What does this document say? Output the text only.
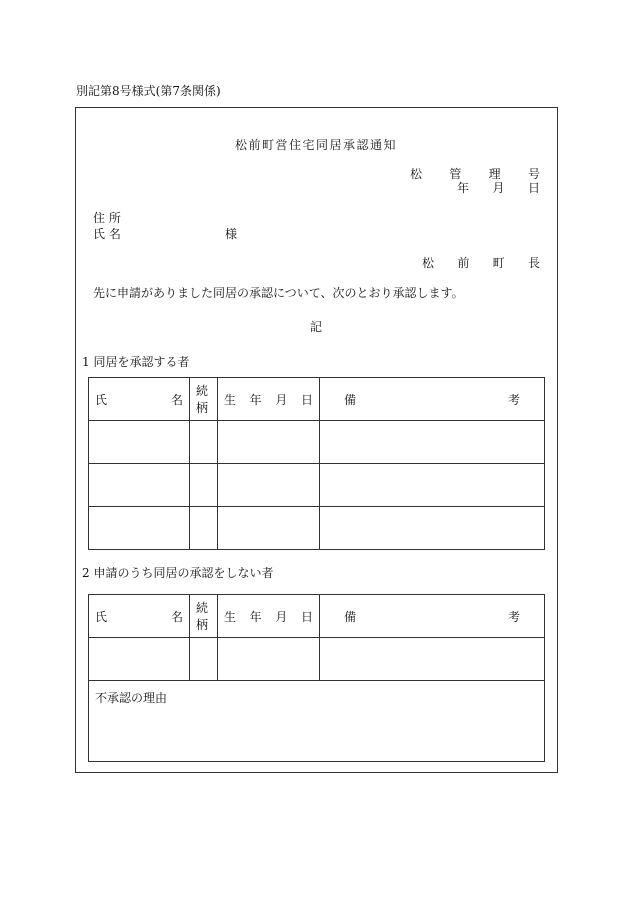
別記第8号様式(第7条関係)
松前町営住宅同居承認通知
松 管 理 号
年 月 日
住 所
氏 名	様
松 前 町 長
先に申請がありました同居の承認について、次のとおり承認します。
記
1 同居を承認する者
氏 名	続柄	生 年 月 日	備 考

2 申請のうち同居の承認をしない者
氏 名	続柄	生 年 月 日	備 考

不承認の理由			
